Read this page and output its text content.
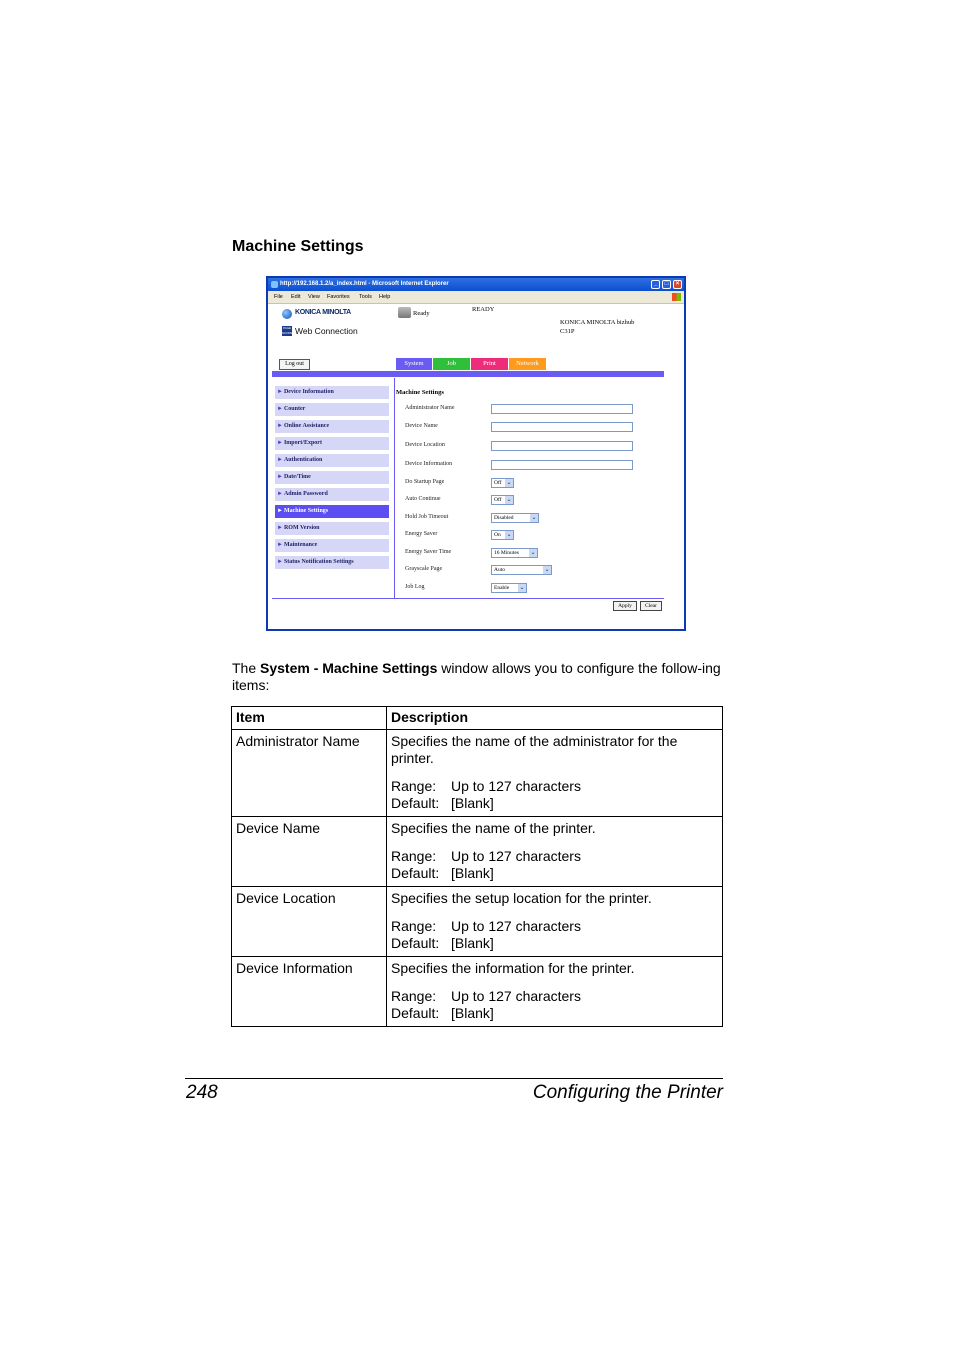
Machine Settings
http://192.168.1.2/a_index.html - Microsoft Internet Explorer	_	□	×
File Edit View Favorites Tools Help
KONICA MINOLTA
PAGE SCOPE Web Connection
Ready
READY
KONICA MINOLTA bizhub
C31P
Log out	System	Job	Print	Network
►Device Information
►Counter
►Online Assistance
►Import/Export
►Authentication
►Date/Time
►Admin Password
►Machine Settings
►ROM Version
►Maintenance
►Status Notification Settings
Machine Settings
Administrator Name
Device Name
Device Location
Device Information
Do Startup Page	Off ⌄
Auto Continue	Off ⌄
Hold Job Timeout	Disabled	⌄
Energy Saver	On ⌄
Energy Saver Time	16 Minutes ⌄
Grayscale Page	Auto	⌄
Job Log	Enable ⌄
Apply	Clear
The System - Machine Settings window allows you to configure the follow-ing items:
Item	Description
Administrator Name	Specifies the name of the administrator for the printer.

Range: Up to 127 characters
Default: [Blank]

Device Name	Specifies the name of the printer.

Range: Up to 127 characters
Default: [Blank]

Device Location	Specifies the setup location for the printer.

Range: Up to 127 characters
Default: [Blank]

Device Information	Specifies the information for the printer.

Range: Up to 127 characters
Default: [Blank]
248	Configuring the Printer
